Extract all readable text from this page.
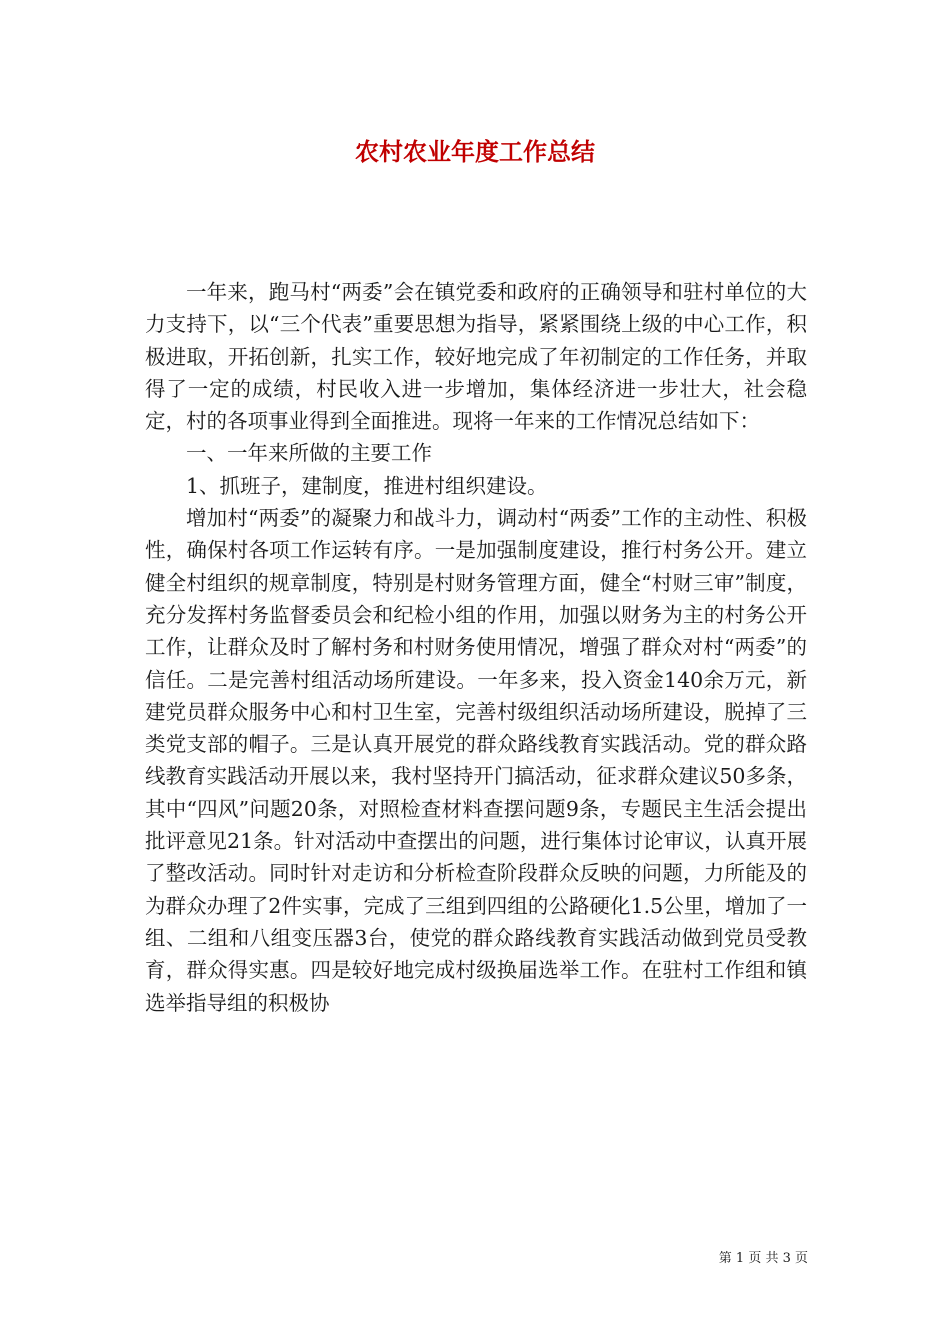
农村农业年度工作总结

一年来，跑马村“两委”会在镇党委和政府的正确领导和驻村单位的大力支持下，以“三个代表”重要思想为指导，紧紧围绕上级的中心工作，积极进取，开拓创新，扎实工作，较好地完成了年初制定的工作任务，并取得了一定的成绩，村民收入进一步增加，集体经济进一步壮大，社会稳定，村的各项事业得到全面推进。现将一年来的工作情况总结如下：

一、一年来所做的主要工作

1、抓班子，建制度，推进村组织建设。

增加村“两委”的凝聚力和战斗力，调动村“两委”工作的主动性、积极性，确保村各项工作运转有序。一是加强制度建设，推行村务公开。建立健全村组织的规章制度，特别是村财务管理方面，健全“村财三审”制度，充分发挥村务监督委员会和纪检小组的作用，加强以财务为主的村务公开工作，让群众及时了解村务和村财务使用情况，增强了群众对村“两委”的信任。二是完善村组活动场所建设。一年多来，投入资金140余万元，新建党员群众服务中心和村卫生室，完善村级组织活动场所建设，脱掉了三类党支部的帽子。三是认真开展党的群众路线教育实践活动。党的群众路线教育实践活动开展以来，我村坚持开门搞活动，征求群众建议50多条，其中“四风”问题20条，对照检查材料查摆问题9条，专题民主生活会提出批评意见21条。针对活动中查摆出的问题，进行集体讨论审议，认真开展了整改活动。同时针对走访和分析检查阶段群众反映的问题，力所能及的为群众办理了2件实事，完成了三组到四组的公路硬化1.5公里，增加了一组、二组和八组变压器3台，使党的群众路线教育实践活动做到党员受教育，群众得实惠。四是较好地完成村级换届选举工作。在驻村工作组和镇选举指导组的积极协

第 1 页 共 3 页
